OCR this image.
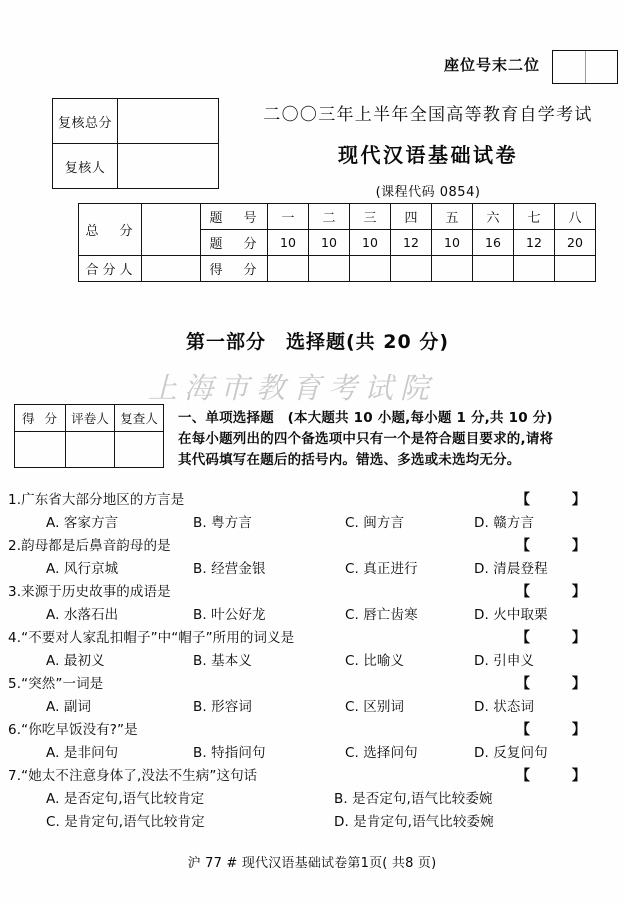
座位号末二位
复核总分	
复核人	
二〇〇三年上半年全国高等教育自学考试
现代汉语基础试卷
(课程代码 0854)
总　分		题　号	一	二	三	四	五	六	七	八
		题　分	10	10	10	12	10	16	12	20
合分人		得　分								
第一部分　选择题(共 20 分)
上海市教育考试院
得 分	评卷人	复查人
		一、单项选择题　(本大题共 10 小题,每小题 1 分,共 10 分)
在每小题列出的四个备选项中只有一个是符合题目要求的,请将
其代码填写在题后的括号内。错选、多选或未选均无分。
1.广东省大部分地区的方言是	【	】
A. 客家方言	B. 粤方言	C. 闽方言	D. 赣方言
2.韵母都是后鼻音韵母的是	【	】
A. 风行京城	B. 经营金银	C. 真正进行	D. 清晨登程
3.来源于历史故事的成语是	【	】
A. 水落石出	B. 叶公好龙	C. 唇亡齿寒	D. 火中取栗
4.“不要对人家乱扣帽子”中“帽子”所用的词义是	【	】
A. 最初义	B. 基本义	C. 比喻义	D. 引申义
5.“突然”一词是	【	】
A. 副词	B. 形容词	C. 区别词	D. 状态词
6.“你吃早饭没有?”是	【	】
A. 是非问句	B. 特指问句	C. 选择问句	D. 反复问句
7.“她太不注意身体了,没法不生病”这句话	【	】
A. 是否定句,语气比较肯定	B. 是否定句,语气比较委婉
C. 是肯定句,语气比较肯定	D. 是肯定句,语气比较委婉
沪 77 # 现代汉语基础试卷第1页( 共8 页)
